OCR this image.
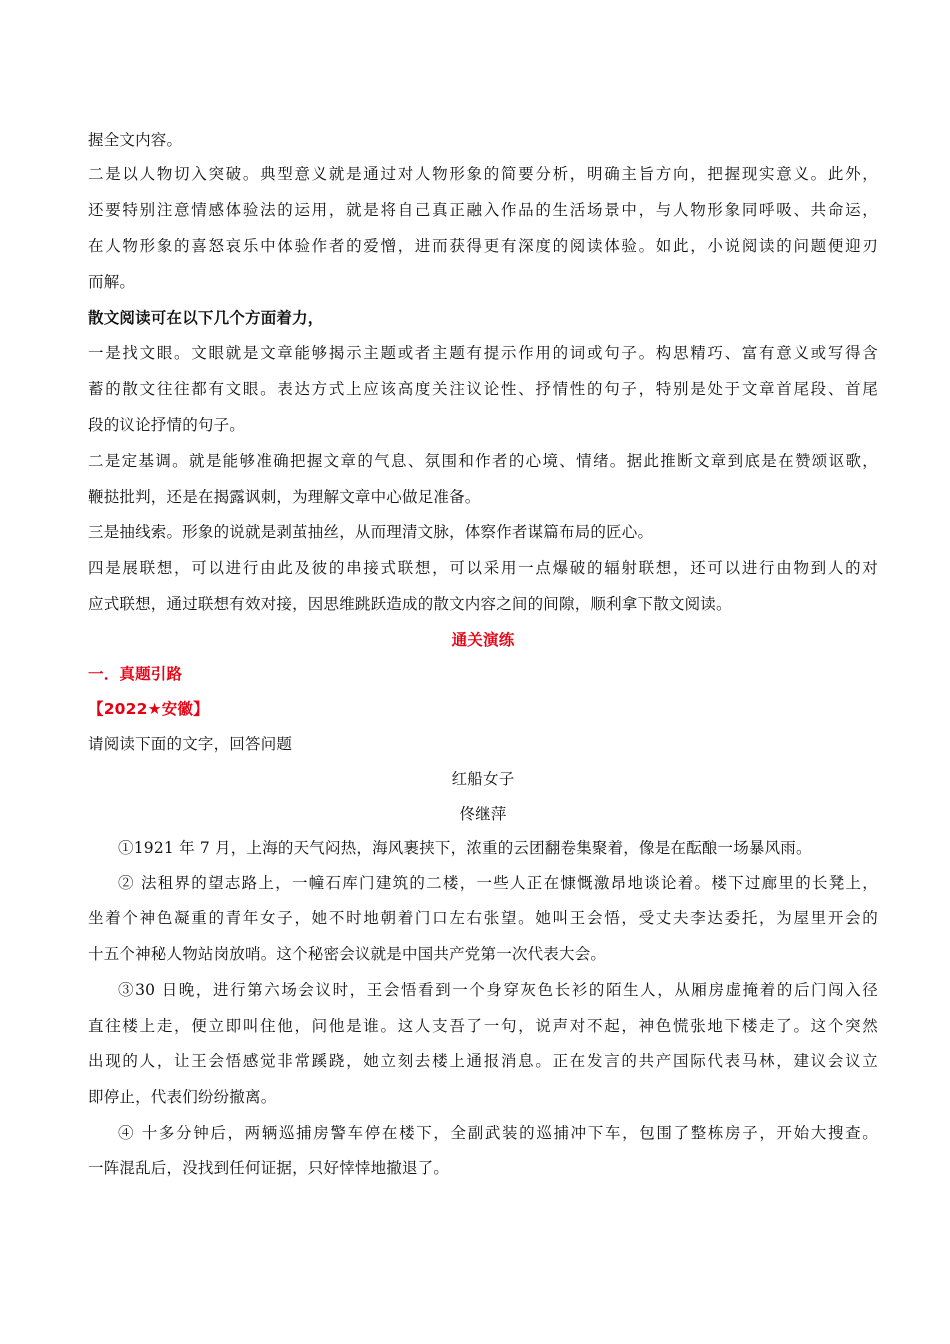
握全文内容。
二是以人物切入突破。典型意义就是通过对人物形象的简要分析，明确主旨方向，把握现实意义。此外，
还要特别注意情感体验法的运用，就是将自己真正融入作品的生活场景中，与人物形象同呼吸、共命运，
在人物形象的喜怒哀乐中体验作者的爱憎，进而获得更有深度的阅读体验。如此，小说阅读的问题便迎刃
而解。
散文阅读可在以下几个方面着力，
一是找文眼。文眼就是文章能够揭示主题或者主题有提示作用的词或句子。构思精巧、富有意义或写得含
蓄的散文往往都有文眼。表达方式上应该高度关注议论性、抒情性的句子，特别是处于文章首尾段、首尾
段的议论抒情的句子。
二是定基调。就是能够准确把握文章的气息、氛围和作者的心境、情绪。据此推断文章到底是在赞颂讴歌，
鞭挞批判，还是在揭露讽刺，为理解文章中心做足准备。
三是抽线索。形象的说就是剥茧抽丝，从而理清文脉，体察作者谋篇布局的匠心。
四是展联想，可以进行由此及彼的串接式联想，可以采用一点爆破的辐射联想，还可以进行由物到人的对
应式联想，通过联想有效对接，因思维跳跃造成的散文内容之间的间隙，顺利拿下散文阅读。
通关演练
一．真题引路
【2022★安徽】
请阅读下面的文字，回答问题
红船女子
佟继萍
①1921 年 7 月，上海的天气闷热，海风裹挟下，浓重的云团翻卷集聚着，像是在酝酿一场暴风雨。
② 法租界的望志路上，一幢石库门建筑的二楼，一些人正在慷慨激昂地谈论着。楼下过廊里的长凳上，
坐着个神色凝重的青年女子，她不时地朝着门口左右张望。她叫王会悟，受丈夫李达委托，为屋里开会的
十五个神秘人物站岗放哨。这个秘密会议就是中国共产党第一次代表大会。
③30 日晚，进行第六场会议时，王会悟看到一个身穿灰色长衫的陌生人，从厢房虚掩着的后门闯入径
直往楼上走，便立即叫住他，问他是谁。这人支吾了一句，说声对不起，神色慌张地下楼走了。这个突然
出现的人，让王会悟感觉非常蹊跷，她立刻去楼上通报消息。正在发言的共产国际代表马林，建议会议立
即停止，代表们纷纷撤离。
④ 十多分钟后，两辆巡捕房警车停在楼下，全副武装的巡捕冲下车，包围了整栋房子，开始大搜查。
一阵混乱后，没找到任何证据，只好悻悻地撤退了。
